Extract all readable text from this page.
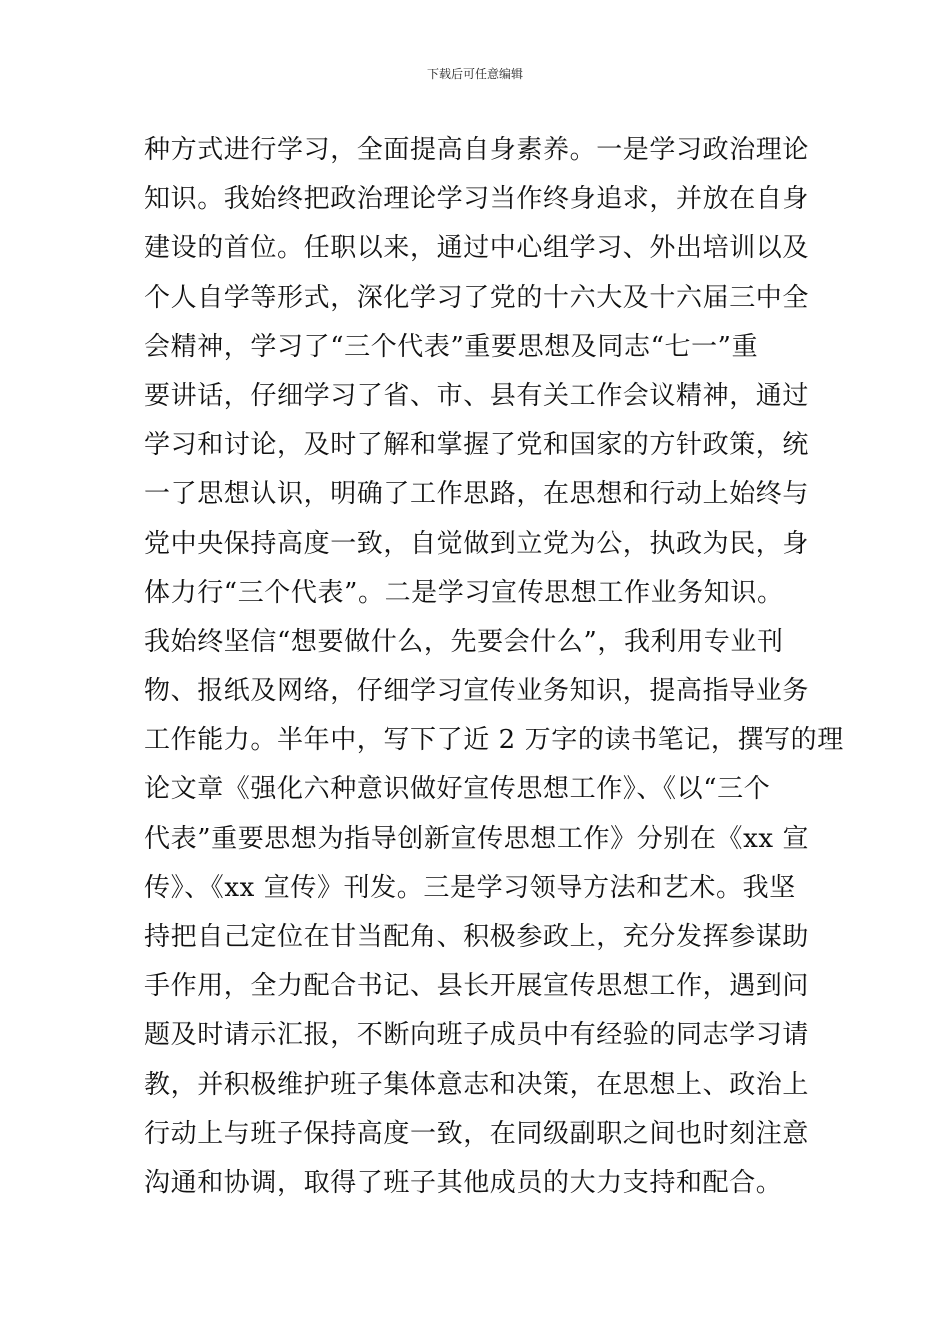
下载后可任意编辑
种方式进行学习，全面提高自身素养。一是学习政治理论
知识。我始终把政治理论学习当作终身追求，并放在自身
建设的首位。任职以来，通过中心组学习、外出培训以及
个人自学等形式，深化学习了党的十六大及十六届三中全
会精神，学习了“三个代表”重要思想及同志“七一”重
要讲话，仔细学习了省、市、县有关工作会议精神，通过
学习和讨论，及时了解和掌握了党和国家的方针政策，统
一了思想认识，明确了工作思路，在思想和行动上始终与
党中央保持高度一致，自觉做到立党为公，执政为民，身
体力行“三个代表”。二是学习宣传思想工作业务知识。
我始终坚信“想要做什么，先要会什么”，我利用专业刊
物、报纸及网络，仔细学习宣传业务知识，提高指导业务
工作能力。半年中，写下了近 2 万字的读书笔记，撰写的理
论文章《强化六种意识做好宣传思想工作》、《以“三个
代表”重要思想为指导创新宣传思想工作》分别在《xx 宣
传》、《xx 宣传》刊发。三是学习领导方法和艺术。我坚
持把自己定位在甘当配角、积极参政上，充分发挥参谋助
手作用，全力配合书记、县长开展宣传思想工作，遇到问
题及时请示汇报，不断向班子成员中有经验的同志学习请
教，并积极维护班子集体意志和决策，在思想上、政治上
行动上与班子保持高度一致，在同级副职之间也时刻注意
沟通和协调，取得了班子其他成员的大力支持和配合。
